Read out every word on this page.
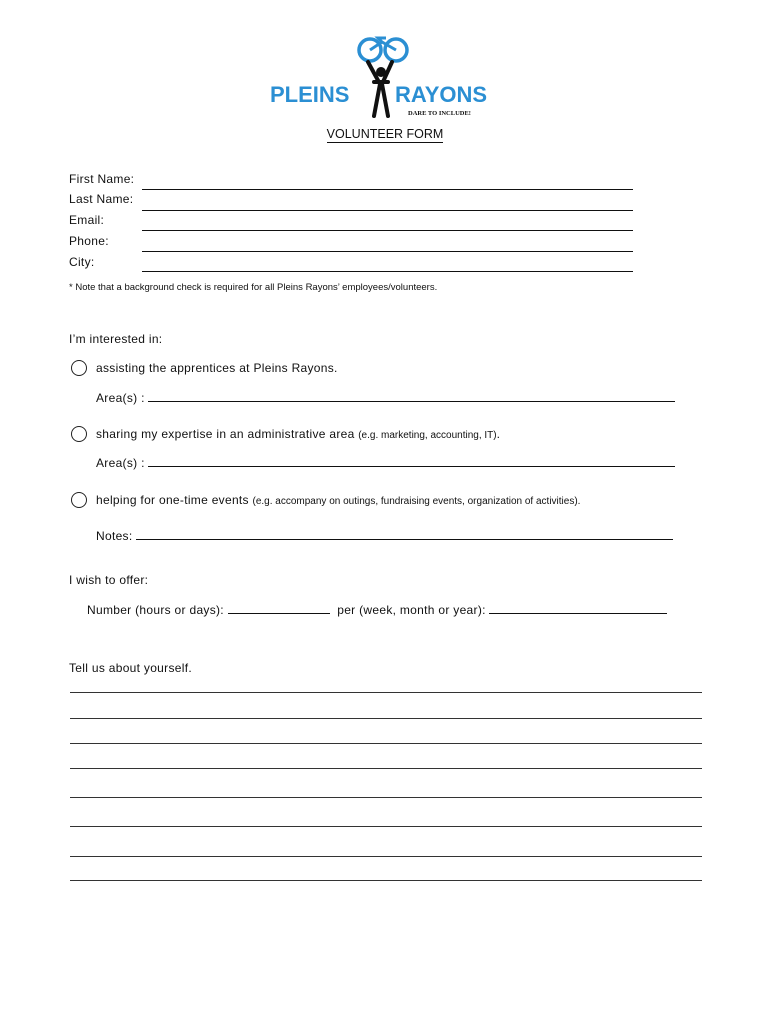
PLEINS RAYONS
DARE TO INCLUDE!
VOLUNTEER FORM
First Name:
Last Name:
Email:
Phone:
City:
* Note that a background check is required for all Pleins Rayons’ employees/volunteers.
I’m interested in:
assisting the apprentices at Pleins Rayons.
Area(s) :
sharing my expertise in an administrative area (e.g. marketing, accounting, IT).
Area(s) :
helping for one-time events (e.g. accompany on outings, fundraising events, organization of activities).
Notes:
I wish to offer:
Number (hours or days):	per (week, month or year):
Tell us about yourself.
